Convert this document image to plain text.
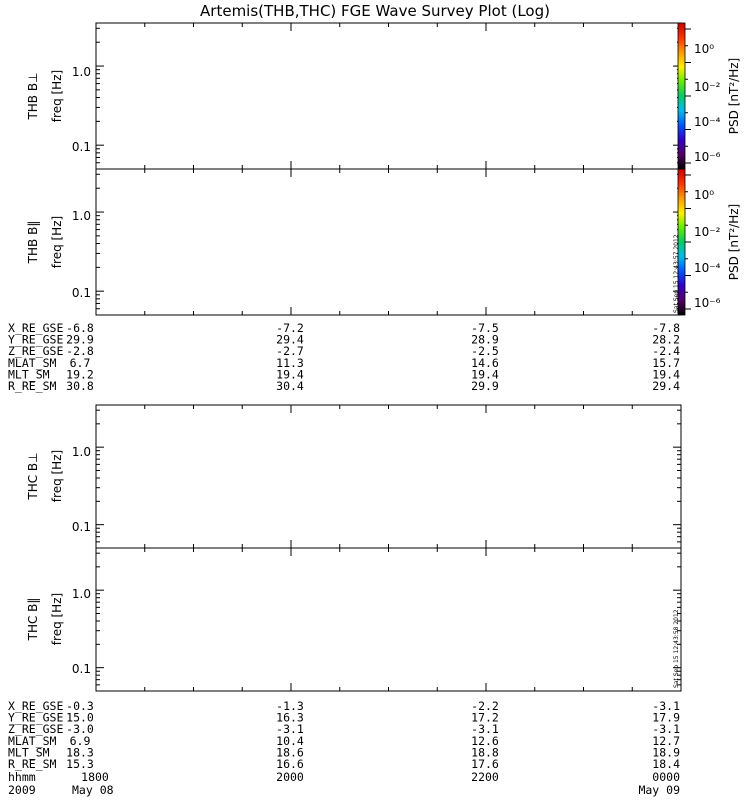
Artemis(THB,THC) FGE Wave Survey Plot (Log)
THB B⊥ freq [Hz]
THB B‖ freq [Hz]
THC B⊥ freq [Hz]
THC B‖ freq [Hz]
1.0
0.1
1.0
0.1
1.0
0.1
1.0
0.1
10⁰
10⁻²
10⁻⁴
10⁻⁶
10⁰
10⁻²
10⁻⁴
10⁻⁶
PSD [nT²/Hz]
PSD [nT²/Hz]
Sat Sep 15 12:43:57 2012
Sat Sep 15 12:43:58 2012
X_RE_GSE -6.8	-7.2	-7.5	-7.8
Y_RE_GSE 29.9	29.4	28.9	28.2
Z_RE_GSE -2.8	-2.7	-2.5	-2.4
MLAT_SM 6.7	11.3	14.6	15.7
MLT_SM 19.2	19.4	19.4	19.4
R_RE_SM 30.8	30.4	29.9	29.4
X_RE_GSE -0.3	-1.3	-2.2	-3.1
Y_RE_GSE 15.0	16.3	17.2	17.9
Z_RE_GSE -3.0	-3.1	-3.1	-3.1
MLAT_SM 6.9	10.4	12.6	12.7
MLT_SM 18.3	18.6	18.8	18.9
R_RE_SM 15.3	16.6	17.6	18.4
hhmm	1800	2000	2200	0000
2009	May 08	May 09
